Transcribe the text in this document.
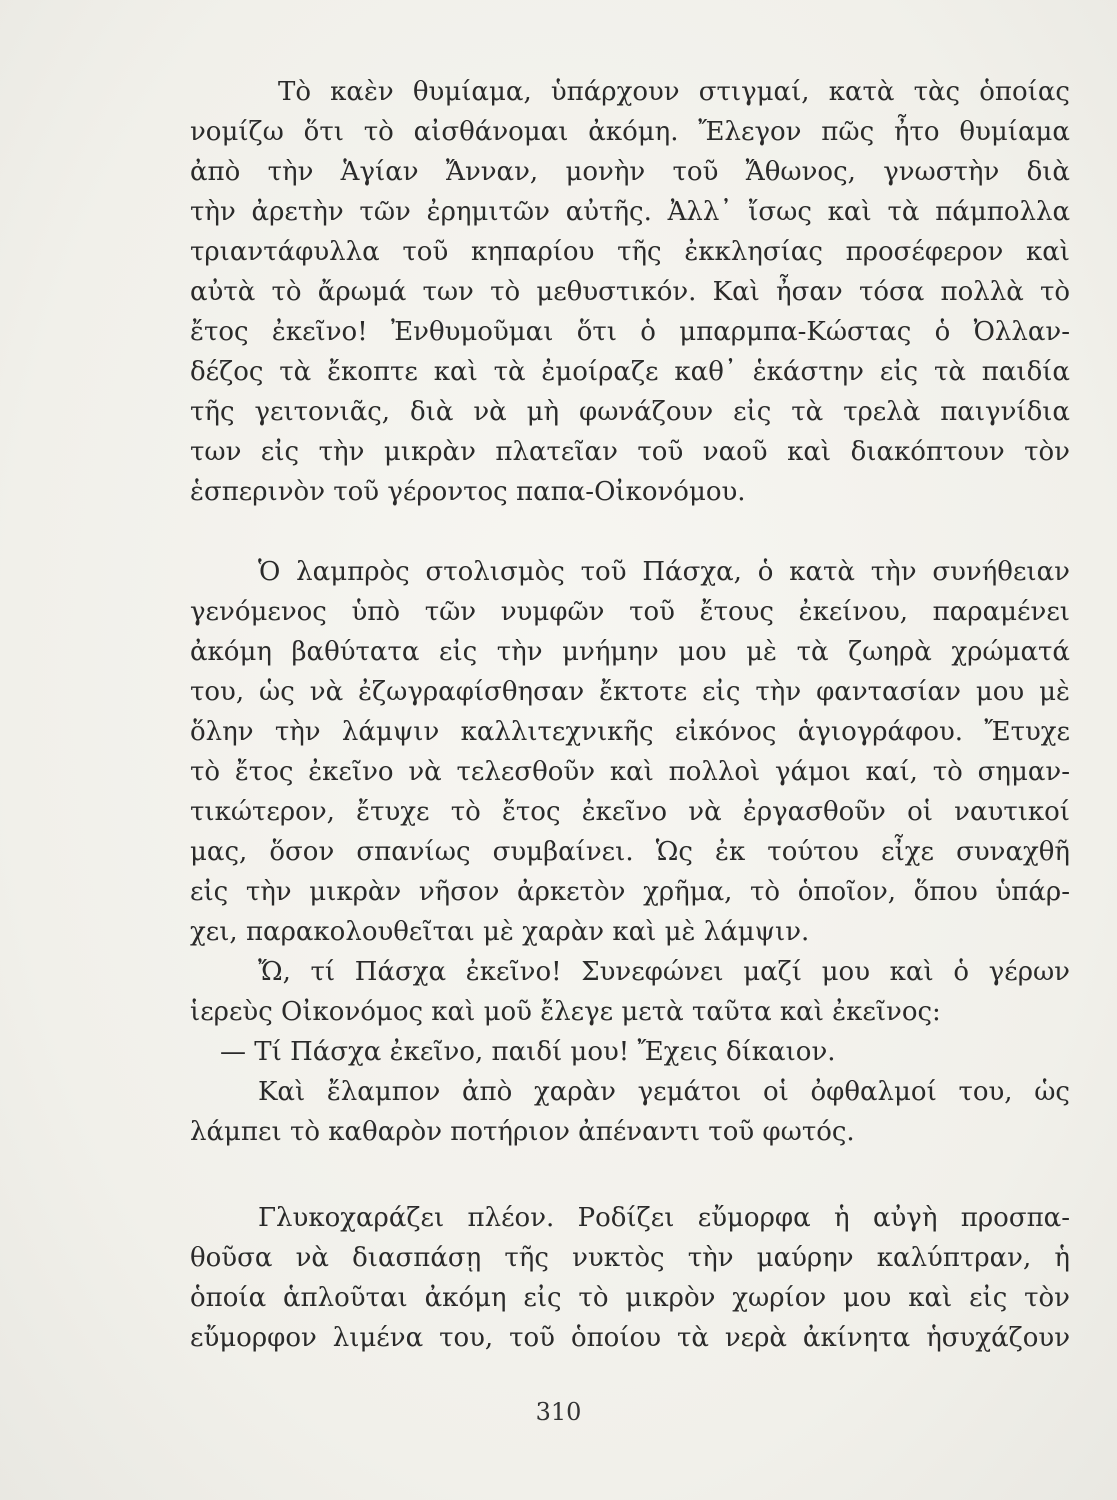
Τὸ καὲν θυμίαμα, ὑπάρχουν στιγμαί, κατὰ τὰς ὁποίας
νομίζω ὅτι τὸ αἰσθάνομαι ἀκόμη. Ἔλεγον πῶς ἦτο θυμίαμα
ἀπὸ τὴν Ἁγίαν Ἄνναν, μονὴν τοῦ Ἄθωνος, γνωστὴν διὰ
τὴν ἀρετὴν τῶν ἐρημιτῶν αὐτῆς. Ἀλλ᾽ ἴσως καὶ τὰ πάμπολλα
τριαντάφυλλα τοῦ κηπαρίου τῆς ἐκκλησίας προσέφερον καὶ
αὐτὰ τὸ ἄρωμά των τὸ μεθυστικόν. Καὶ ἦσαν τόσα πολλὰ τὸ
ἔτος ἐκεῖνο! Ἐνθυμοῦμαι ὅτι ὁ μπαρμπα-Κώστας ὁ Ὀλλαν-
δέζος τὰ ἔκοπτε καὶ τὰ ἐμοίραζε καθ᾽ ἑκάστην εἰς τὰ παιδία
τῆς γειτονιᾶς, διὰ νὰ μὴ φωνάζουν εἰς τὰ τρελὰ παιγνίδια
των εἰς τὴν μικρὰν πλατεῖαν τοῦ ναοῦ καὶ διακόπτουν τὸν
ἑσπερινὸν τοῦ γέροντος παπα-Οἰκονόμου.
Ὁ λαμπρὸς στολισμὸς τοῦ Πάσχα, ὁ κατὰ τὴν συνήθειαν
γενόμενος ὑπὸ τῶν νυμφῶν τοῦ ἔτους ἐκείνου, παραμένει
ἀκόμη βαθύτατα εἰς τὴν μνήμην μου μὲ τὰ ζωηρὰ χρώματά
του, ὡς νὰ ἐζωγραφίσθησαν ἔκτοτε εἰς τὴν φαντασίαν μου μὲ
ὅλην τὴν λάμψιν καλλιτεχνικῆς εἰκόνος ἁγιογράφου. Ἔτυχε
τὸ ἔτος ἐκεῖνο νὰ τελεσθοῦν καὶ πολλοὶ γάμοι καί, τὸ σημαν-
τικώτερον, ἔτυχε τὸ ἔτος ἐκεῖνο νὰ ἐργασθοῦν οἱ ναυτικοί
μας, ὅσον σπανίως συμβαίνει. Ὡς ἐκ τούτου εἶχε συναχθῆ
εἰς τὴν μικρὰν νῆσον ἀρκετὸν χρῆμα, τὸ ὁποῖον, ὅπου ὑπάρ-
χει, παρακολουθεῖται μὲ χαρὰν καὶ μὲ λάμψιν.
Ὤ, τί Πάσχα ἐκεῖνο! Συνεφώνει μαζί μου καὶ ὁ γέρων
ἱερεὺς Οἰκονόμος καὶ μοῦ ἔλεγε μετὰ ταῦτα καὶ ἐκεῖνος:
— Τί Πάσχα ἐκεῖνο, παιδί μου! Ἔχεις δίκαιον.
Καὶ ἔλαμπον ἀπὸ χαρὰν γεμάτοι οἱ ὀφθαλμοί του, ὡς
λάμπει τὸ καθαρὸν ποτήριον ἀπέναντι τοῦ φωτός.
Γλυκοχαράζει πλέον. Ροδίζει εὔμορφα ἡ αὐγὴ προσπα-
θοῦσα νὰ διασπάσῃ τῆς νυκτὸς τὴν μαύρην καλύπτραν, ἡ
ὁποία ἁπλοῦται ἀκόμη εἰς τὸ μικρὸν χωρίον μου καὶ εἰς τὸν
εὔμορφον λιμένα του, τοῦ ὁποίου τὰ νερὰ ἀκίνητα ἡσυχάζουν
310
